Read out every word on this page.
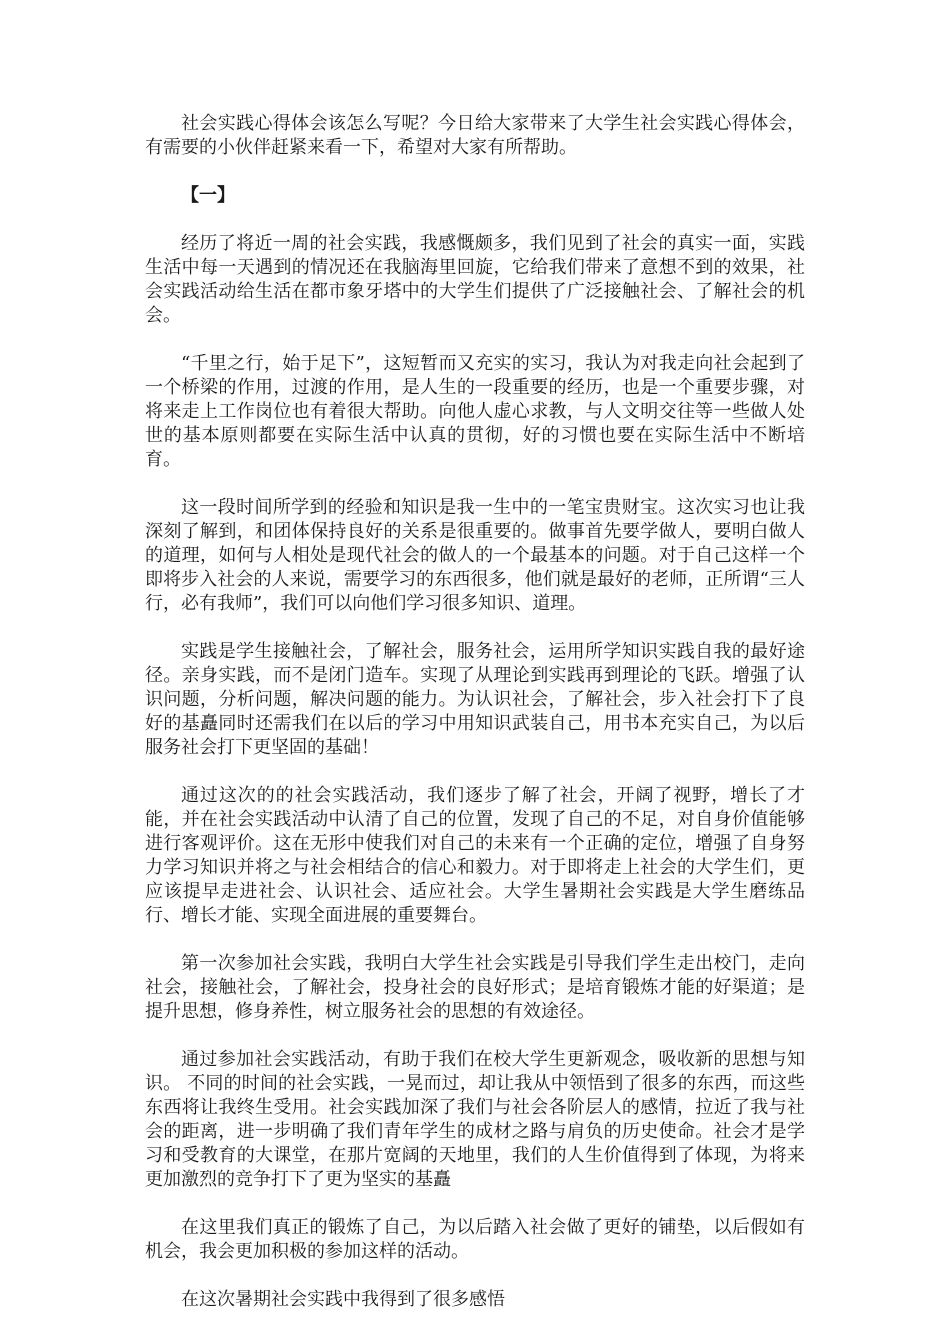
社会实践心得体会该怎么写呢？今日给大家带来了大学生社会实践心得体会，有需要的小伙伴赶紧来看一下，希望对大家有所帮助。

【一】

经历了将近一周的社会实践，我感慨颇多，我们见到了社会的真实一面，实践生活中每一天遇到的情况还在我脑海里回旋，它给我们带来了意想不到的效果，社会实践活动给生活在都市象牙塔中的大学生们提供了广泛接触社会、了解社会的机会。

“千里之行，始于足下”，这短暂而又充实的实习，我认为对我走向社会起到了一个桥梁的作用，过渡的作用，是人生的一段重要的经历，也是一个重要步骤，对将来走上工作岗位也有着很大帮助。向他人虚心求教，与人文明交往等一些做人处世的基本原则都要在实际生活中认真的贯彻，好的习惯也要在实际生活中不断培育。

这一段时间所学到的经验和知识是我一生中的一笔宝贵财宝。这次实习也让我深刻了解到，和团体保持良好的关系是很重要的。做事首先要学做人，要明白做人的道理，如何与人相处是现代社会的做人的一个最基本的问题。对于自己这样一个即将步入社会的人来说，需要学习的东西很多，他们就是最好的老师，正所谓“三人行，必有我师”，我们可以向他们学习很多知识、道理。

实践是学生接触社会，了解社会，服务社会，运用所学知识实践自我的最好途径。亲身实践，而不是闭门造车。实现了从理论到实践再到理论的飞跃。增强了认识问题，分析问题，解决问题的能力。为认识社会，了解社会，步入社会打下了良好的基矗同时还需我们在以后的学习中用知识武装自己，用书本充实自己，为以后服务社会打下更坚固的基础！

通过这次的的社会实践活动，我们逐步了解了社会，开阔了视野，增长了才能，并在社会实践活动中认清了自己的位置，发现了自己的不足，对自身价值能够进行客观评价。这在无形中使我们对自己的未来有一个正确的定位，增强了自身努力学习知识并将之与社会相结合的信心和毅力。对于即将走上社会的大学生们，更应该提早走进社会、认识社会、适应社会。大学生暑期社会实践是大学生磨练品行、增长才能、实现全面进展的重要舞台。

第一次参加社会实践，我明白大学生社会实践是引导我们学生走出校门，走向社会，接触社会，了解社会，投身社会的良好形式；是培育锻炼才能的好渠道；是提升思想，修身养性，树立服务社会的思想的有效途径。

通过参加社会实践活动，有助于我们在校大学生更新观念，吸收新的思想与知识。 不同的时间的社会实践，一晃而过，却让我从中领悟到了很多的东西，而这些东西将让我终生受用。社会实践加深了我们与社会各阶层人的感情，拉近了我与社会的距离，进一步明确了我们青年学生的成材之路与肩负的历史使命。社会才是学习和受教育的大课堂，在那片宽阔的天地里，我们的人生价值得到了体现，为将来更加激烈的竞争打下了更为坚实的基矗

在这里我们真正的锻炼了自己，为以后踏入社会做了更好的铺垫，以后假如有机会，我会更加积极的参加这样的活动。

在这次暑期社会实践中我得到了很多感悟
